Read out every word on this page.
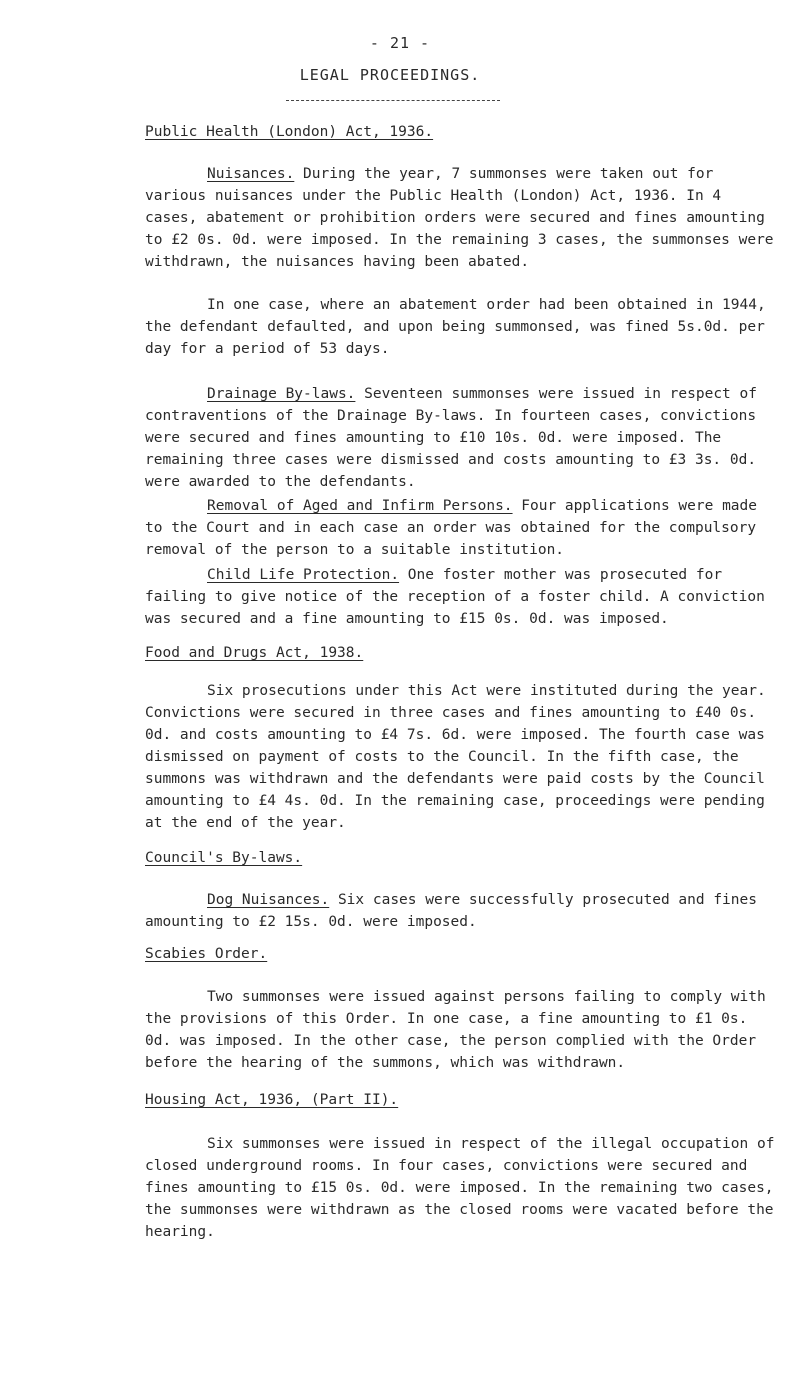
- 21 -
LEGAL PROCEEDINGS.
Public Health (London) Act, 1936.

Nuisances. During the year, 7 summonses were taken out for various nuisances under the Public Health (London) Act, 1936. In 4 cases, abatement or prohibition orders were secured and fines amounting to £2 0s. 0d. were imposed. In the remaining 3 cases, the summonses were withdrawn, the nuisances having been abated.

In one case, where an abatement order had been obtained in 1944, the defendant defaulted, and upon being summonsed, was fined 5s.0d. per day for a period of 53 days.

Drainage By-laws. Seventeen summonses were issued in respect of contraventions of the Drainage By-laws. In fourteen cases, convictions were secured and fines amounting to £10 10s. 0d. were imposed. The remaining three cases were dismissed and costs amounting to £3 3s. 0d. were awarded to the defendants.

Removal of Aged and Infirm Persons. Four applications were made to the Court and in each case an order was obtained for the compulsory removal of the person to a suitable institution.

Child Life Protection. One foster mother was prosecuted for failing to give notice of the reception of a foster child. A conviction was secured and a fine amounting to £15 0s. 0d. was imposed.

Food and Drugs Act, 1938.

Six prosecutions under this Act were instituted during the year. Convictions were secured in three cases and fines amounting to £40 0s. 0d. and costs amounting to £4 7s. 6d. were imposed. The fourth case was dismissed on payment of costs to the Council. In the fifth case, the summons was withdrawn and the defendants were paid costs by the Council amounting to £4 4s. 0d. In the remaining case, proceedings were pending at the end of the year.

Council's By-laws.

Dog Nuisances. Six cases were successfully prosecuted and fines amounting to £2 15s. 0d. were imposed.

Scabies Order.

Two summonses were issued against persons failing to comply with the provisions of this Order. In one case, a fine amounting to £1 0s. 0d. was imposed. In the other case, the person complied with the Order before the hearing of the summons, which was withdrawn.

Housing Act, 1936, (Part II).

Six summonses were issued in respect of the illegal occupation of closed underground rooms. In four cases, convictions were secured and fines amounting to £15 0s. 0d. were imposed. In the remaining two cases, the summonses were withdrawn as the closed rooms were vacated before the hearing.
